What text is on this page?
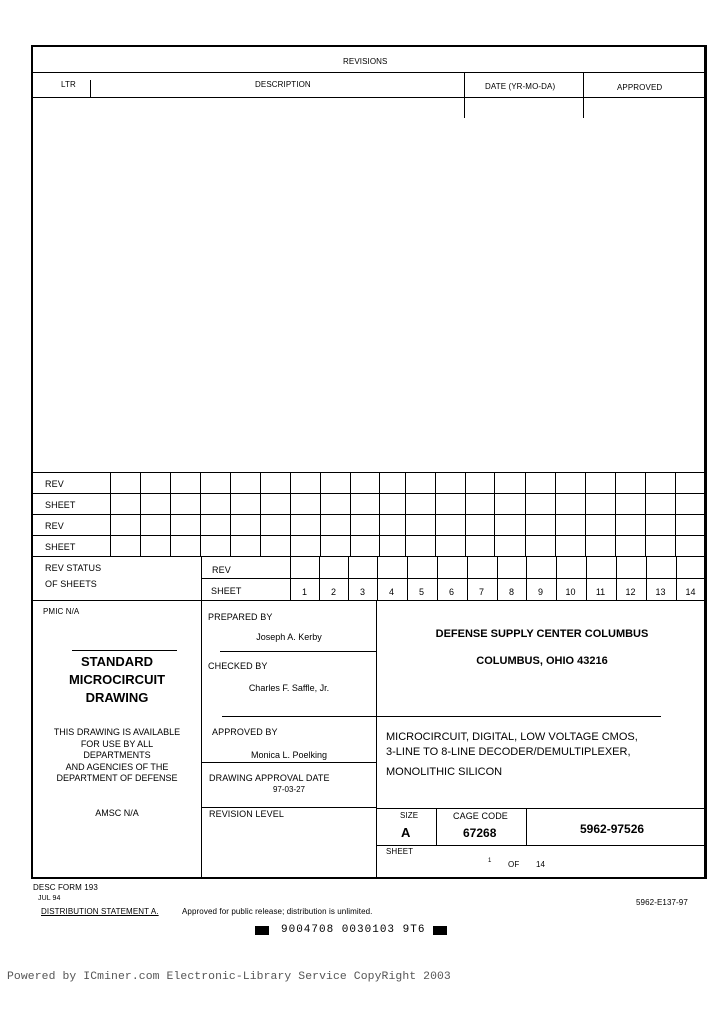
REVISIONS
LTR	DESCRIPTION	DATE (YR-MO-DA)	APPROVED
REV
SHEET
REV
SHEET
REV STATUS
OF SHEETS
REV
SHEET	1	2	3	4	5	6	7	8	9	10	11	12	13	14
PMIC N/A
STANDARD
MICROCIRCUIT
DRAWING
THIS DRAWING IS AVAILABLE
FOR USE BY ALL
DEPARTMENTS
AND AGENCIES OF THE
DEPARTMENT OF DEFENSE
AMSC N/A
PREPARED BY
Joseph A. Kerby
CHECKED BY
Charles F. Saffle, Jr.
APPROVED BY
Monica L. Poelking
DRAWING APPROVAL DATE
97-03-27
REVISION LEVEL
DEFENSE SUPPLY CENTER COLUMBUS
COLUMBUS, OHIO 43216
MICROCIRCUIT, DIGITAL, LOW VOLTAGE CMOS,
3-LINE TO 8-LINE DECODER/DEMULTIPLEXER,
MONOLITHIC SILICON
SIZE
A
CAGE CODE
67268	5962-97526
SHEET
1 OF 14
DESC FORM 193
JUL 94
DISTRIBUTION STATEMENT A.	Approved for public release; distribution is unlimited.
5962-E137-97
9004708 0030103 9T6
Powered by ICminer.com Electronic-Library Service CopyRight 2003
